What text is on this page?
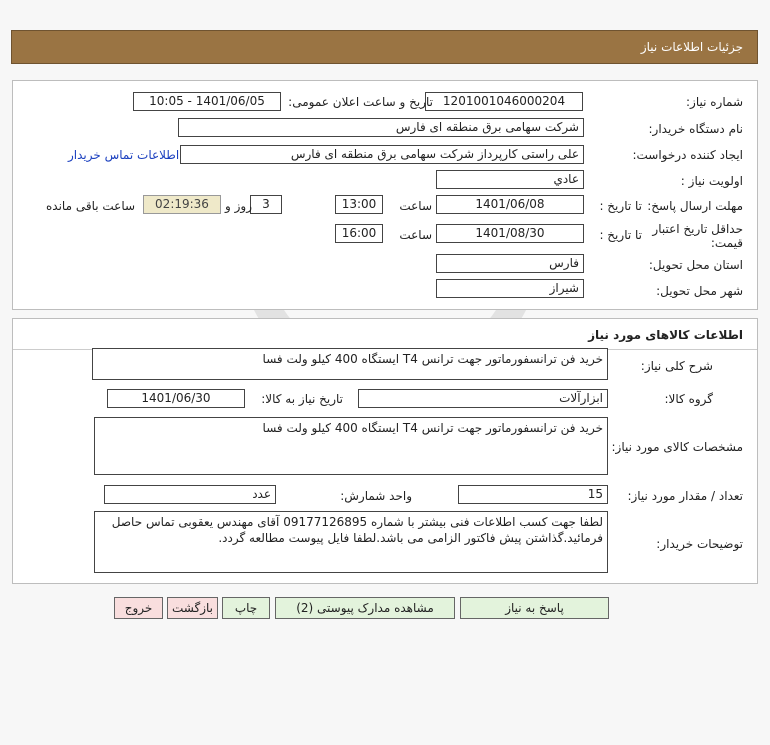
جزئیات اطلاعات نیاز
شماره نیاز:
1201001046000204
تاریخ و ساعت اعلان عمومی:
1401/06/05 - 10:05
نام دستگاه خریدار:
شرکت سهامی برق منطقه ای فارس
ایجاد کننده درخواست:
علی راستی کارپرداز شرکت سهامی برق منطقه ای فارس
اطلاعات تماس خریدار
اولویت نیاز :
عادي
مهلت ارسال پاسخ:
تا تاریخ :
1401/06/08
ساعت
13:00
3
روز و
02:19:36
ساعت باقی مانده
حداقل تاریخ اعتبار قیمت:
تا تاریخ :
1401/08/30
ساعت
16:00
استان محل تحویل:
فارس
شهر محل تحویل:
شیراز
اطلاعات کالاهای مورد نیاز
شرح کلی نیاز:
خرید فن ترانسفورماتور جهت ترانس T4 ایستگاه 400 کیلو ولت فسا
گروه کالا:
ابزارآلات
تاریخ نیاز به کالا:
1401/06/30
مشخصات کالای مورد نیاز:
خرید فن ترانسفورماتور جهت ترانس T4 ایستگاه 400 کیلو ولت فسا
تعداد / مقدار مورد نیاز:
15
واحد شمارش:
عدد
توضیحات خریدار:
لطفا جهت کسب اطلاعات فنی بیشتر با شماره 09177126895 آقای مهندس یعقوبی تماس حاصل فرمائید.گذاشتن پیش فاکتور الزامی می باشد.لطفا فایل پیوست مطالعه گردد.
پاسخ به نیاز
مشاهده مدارک پیوستی (2)
چاپ
بازگشت
خروج
